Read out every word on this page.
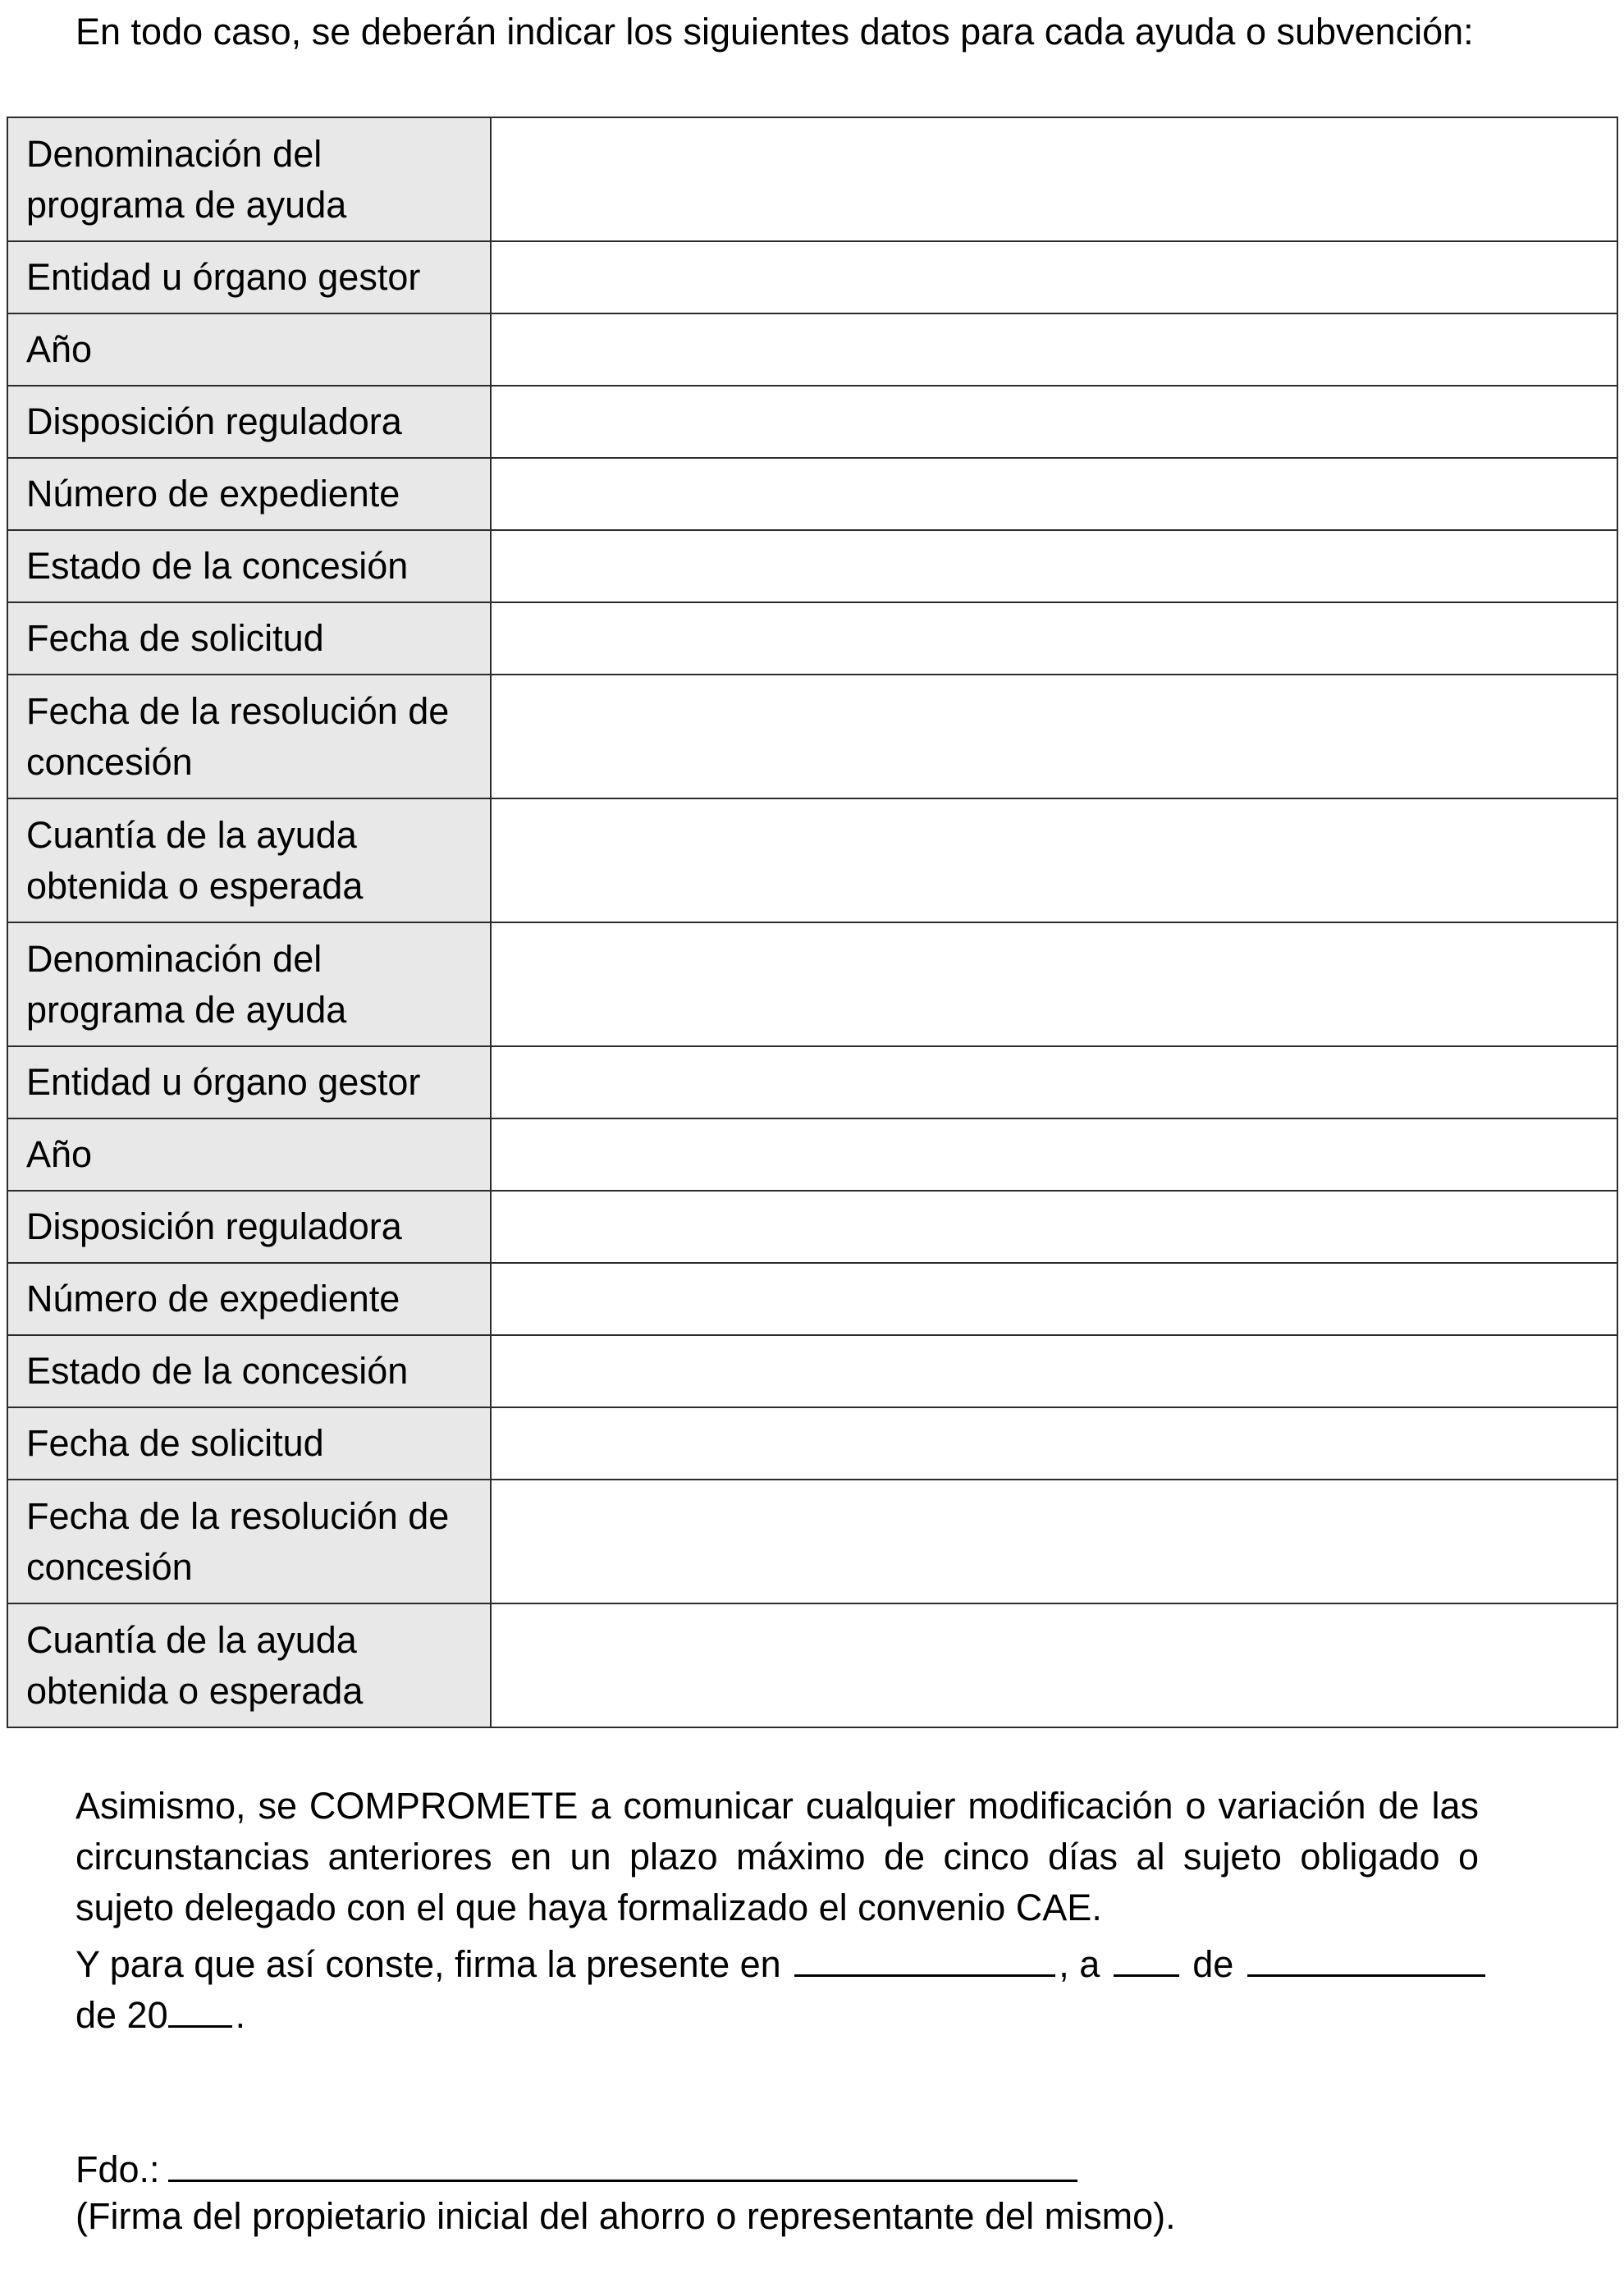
En todo caso, se deberán indicar los siguientes datos para cada ayuda o subvención:

Denominación del programa de ayuda	
Entidad u órgano gestor	
Año	
Disposición reguladora	
Número de expediente	
Estado de la concesión	
Fecha de solicitud	
Fecha de la resolución de concesión	
Cuantía de la ayuda obtenida o esperada	
Denominación del programa de ayuda	
Entidad u órgano gestor	
Año	
Disposición reguladora	
Número de expediente	
Estado de la concesión	
Fecha de solicitud	
Fecha de la resolución de concesión	
Cuantía de la ayuda obtenida o esperada	

Asimismo, se COMPROMETE a comunicar cualquier modificación o variación de las circunstancias anteriores en un plazo máximo de cinco días al sujeto obligado o sujeto delegado con el que haya formalizado el convenio CAE.

Y para que así conste, firma la presente en	, a	de

de 20 .

Fdo.:

(Firma del propietario inicial del ahorro o representante del mismo).
